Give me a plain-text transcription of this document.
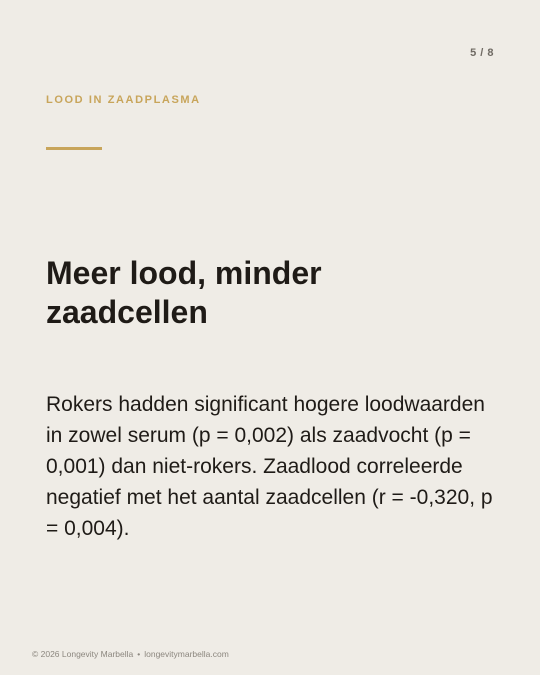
5 / 8
LOOD IN ZAADPLASMA
Meer lood, minder zaadcellen

Rokers hadden significant hogere loodwaarden in zowel serum (p = 0,002) als zaadvocht (p = 0,001) dan niet-rokers. Zaadlood correleerde negatief met het aantal zaadcellen (r = -0,320, p = 0,004).

© 2026 Longevity Marbella • longevitymarbella.com
